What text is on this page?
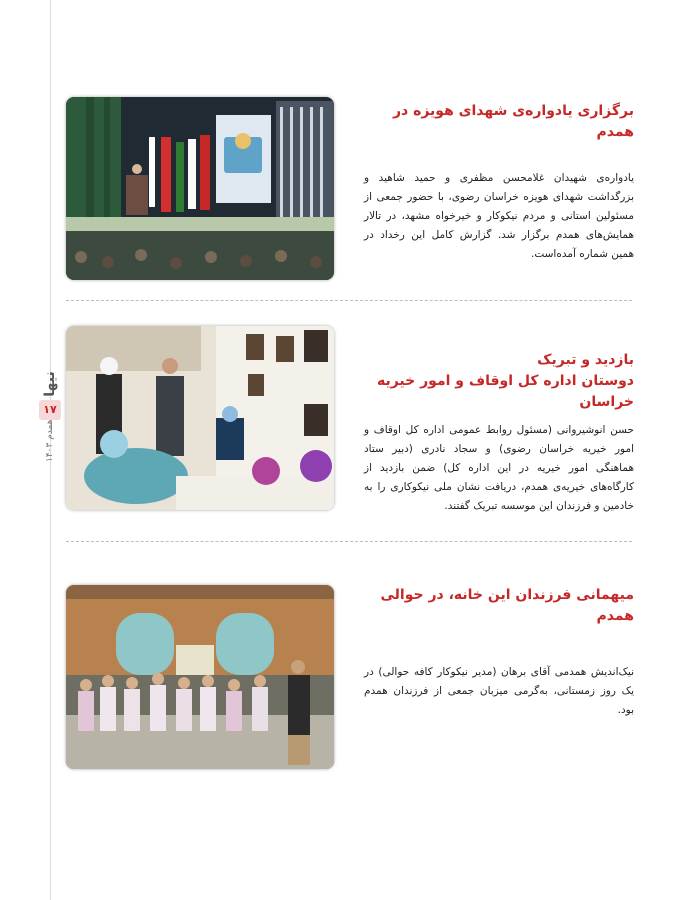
نیها
۱۷
همدم ۱۴۰۳
برگزاری یادواره‌ی شهدای هویزه در همدم

یادواره‌ی شهیدان غلامحسن مظفری و حمید شاهید و بزرگداشت شهدای هویزه خراسان رضوی، با حضور جمعی از مسئولین استانی و مردم نیکوکار و خیرخواه مشهد، در تالار همایش‌های همدم برگزار شد. گزارش کامل این رخداد در همین شماره آمده‌است.

بازدید و تبریک
دوستان اداره کل اوقاف و امور خیریه خراسان

حسن انوشیروانی (مسئول روابط عمومی اداره کل اوقاف و امور خیریه خراسان رضوی) و سجاد نادری (دبیر ستاد هماهنگی امور خیریه در این اداره کل) ضمن بازدید از کارگاه‌های خیریه‌ی همدم، دریافت نشان ملی نیکوکاری را به خادمین و فرزندان این موسسه تبریک گفتند.

میهمانی فرزندان این خانه، در حوالی همدم

نیک‌اندیش همدمی آقای برهان (مدیر نیکوکار کافه حوالی) در یک روز زمستانی، به‌گرمی میزبان جمعی از فرزندان همدم بود.
